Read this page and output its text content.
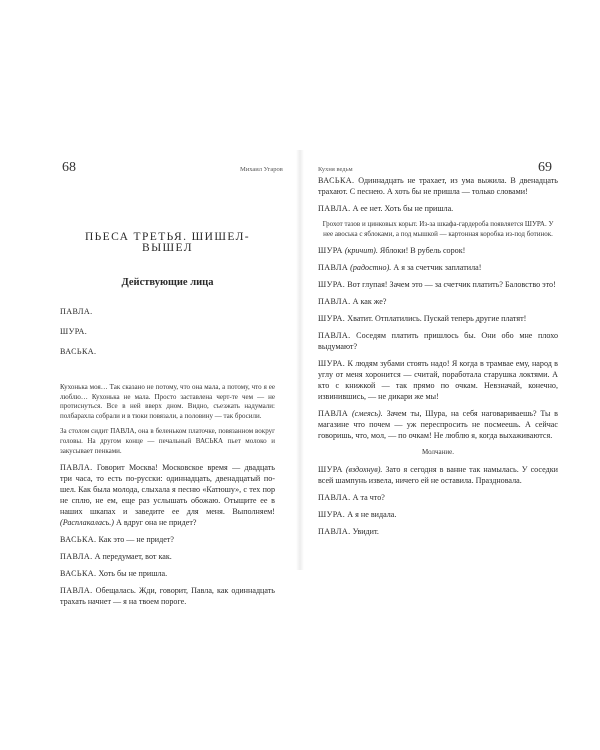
68	Михаил Угаров
ПЬЕСА ТРЕТЬЯ. ШИШЕЛ-ВЫШЕЛ
Действующие лица
ПАВЛА.
ШУРА.
ВАСЬКА.

Кухонька моя… Так сказано не потому, что она мала, а потому, что я ее люблю… Кухонька не мала. Просто заставлена черт-те чем — не протиснуться. Все в ней вверх дном. Видно, съезжать надумали: полбарахла собрали и в тюки повязали, а половину — так бросили.

За столом сидит ПАВЛА, она в беленьком платочке, повязанном вокруг головы. На другом конце — печальный ВАСЬКА пьет молоко и закусывает пенками.

ПАВЛА. Говорит Москва! Московское время — двадцать три часа, то есть по-русски: одиннадцать, двенадцатый по-шел. Как была молода, слыхала я песню «Катюшу», с тех пор не сплю, не ем, еще раз услышать обожаю. Отыщите ее в наших шкапах и заведите ее для меня. Выполняем! (Расплакалась.) А вдруг она не придет?

ВАСЬКА. Как это — не придет?

ПАВЛА. А передумает, вот как.

ВАСЬКА. Хоть бы не пришла.

ПАВЛА. Обещалась. Жди, говорит, Павла, как одиннадцать трахать начнет — я на твоем пороге.

Кухня ведьм	69

ВАСЬКА. Одиннадцать не трахает, из ума выжила. В двенадцать трахают. С песнею. А хоть бы не пришла — только словами!

ПАВЛА. А ее нет. Хоть бы не пришла.

Грохот тазов и цинковых корыт. Из-за шкафа-гардероба появляется ШУРА. У нее авоська с яблоками, а под мышкой — картонная коробка из-под ботинок.

ШУРА (кричит). Яблоки! В рубель сорок!

ПАВЛА (радостно). А я за счетчик заплатила!

ШУРА. Вот глупая! Зачем это — за счетчик платить? Баловство это!

ПАВЛА. А как же?

ШУРА. Хватит. Отплатились. Пускай теперь другие платят!

ПАВЛА. Соседям платить пришлось бы. Они обо мне плохо выдумают?

ШУРА. К людям зубами стоять надо! Я когда в трамвае ему, народ в углу от меня хоронится — считай, поработала старушка локтями. А кто с книжкой — так прямо по очкам. Невзначай, конечно, извинившись, — не дикари же мы!

ПАВЛА (смеясь). Зачем ты, Шура, на себя наговариваешь? Ты в магазине что почем — уж переспросить не посмеешь. А сейчас говоришь, что, мол, — по очкам! Не люблю я, когда выхаживаются.

Молчание.

ШУРА (вздохнув). Зато я сегодня в ванне так намылась. У соседки всей шампунь извела, ничего ей не оставила. Праздновала.

ПАВЛА. А та что?

ШУРА. А я не видала.

ПАВЛА. Увидит.
